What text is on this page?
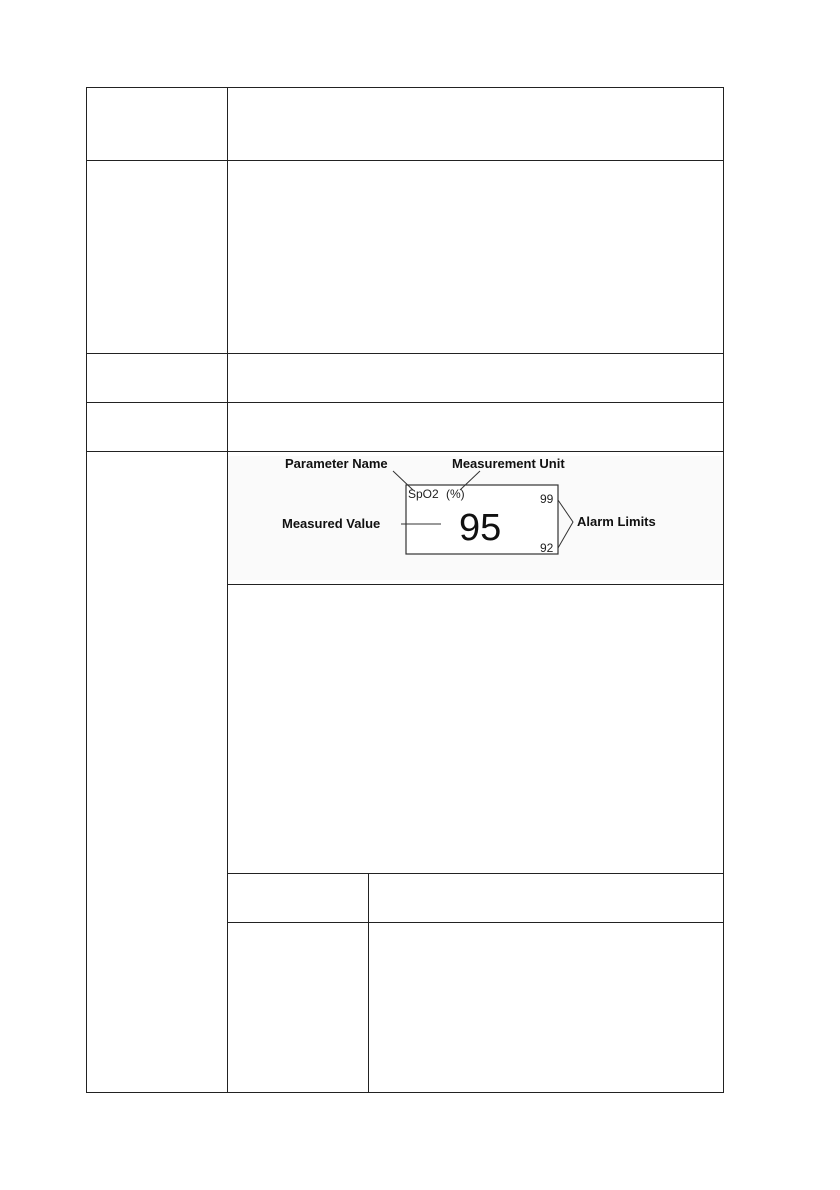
Parameter Name	Measurement Unit
Measured Value	Alarm Limits
SpO2 (%)
95
99
92
